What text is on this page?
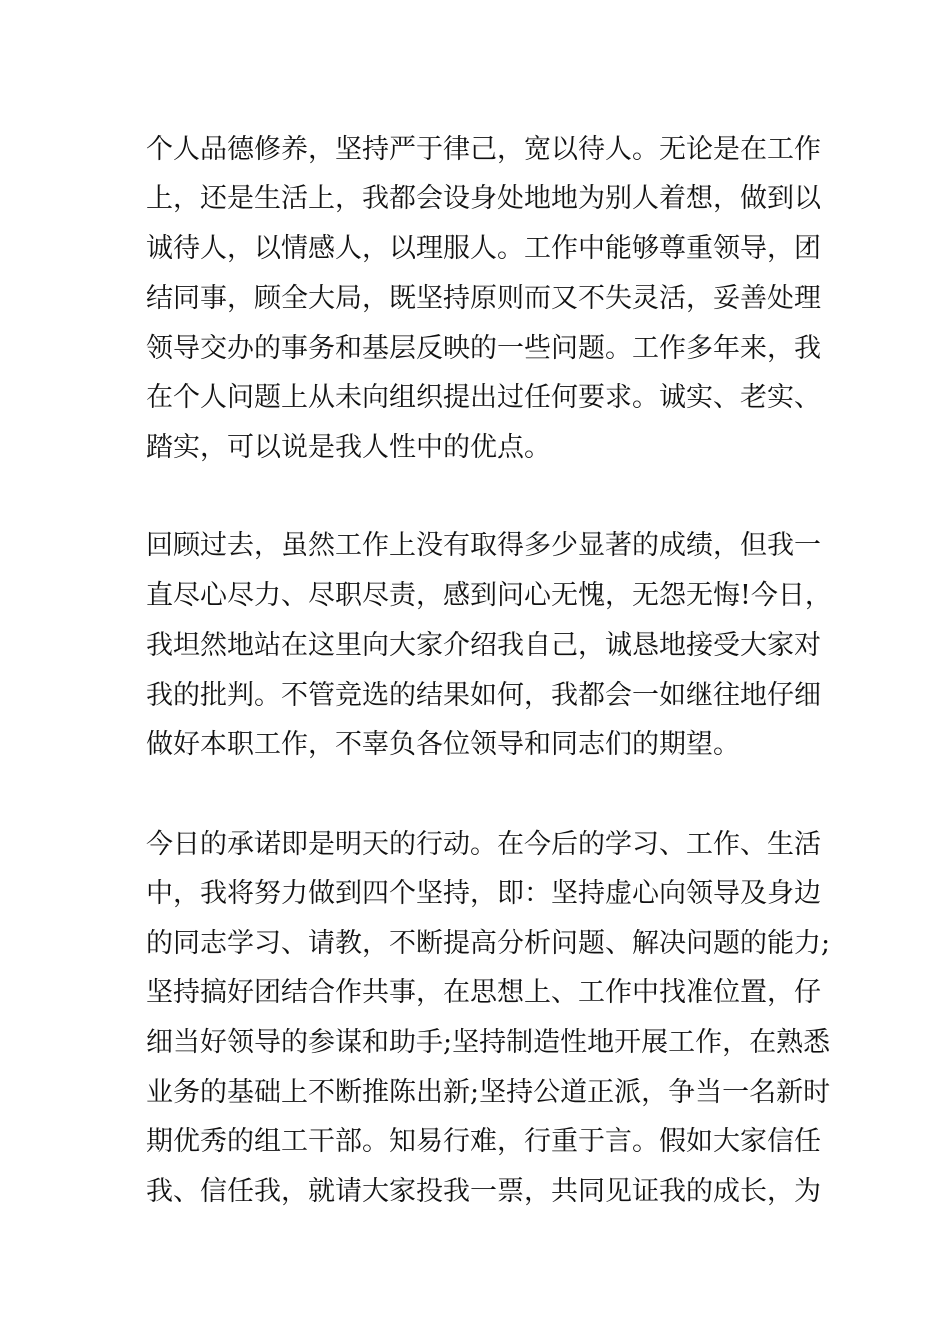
个人品德修养，坚持严于律己，宽以待人。无论是在工作
上，还是生活上，我都会设身处地地为别人着想，做到以
诚待人，以情感人，以理服人。工作中能够尊重领导，团
结同事，顾全大局，既坚持原则而又不失灵活，妥善处理
领导交办的事务和基层反映的一些问题。工作多年来，我
在个人问题上从未向组织提出过任何要求。诚实、老实、
踏实，可以说是我人性中的优点。
回顾过去，虽然工作上没有取得多少显著的成绩，但我一
直尽心尽力、尽职尽责，感到问心无愧，无怨无悔!今日，
我坦然地站在这里向大家介绍我自己，诚恳地接受大家对
我的批判。不管竞选的结果如何，我都会一如继往地仔细
做好本职工作，不辜负各位领导和同志们的期望。
今日的承诺即是明天的行动。在今后的学习、工作、生活
中，我将努力做到四个坚持，即：坚持虚心向领导及身边
的同志学习、请教，不断提高分析问题、解决问题的能力;
坚持搞好团结合作共事，在思想上、工作中找准位置，仔
细当好领导的参谋和助手;坚持制造性地开展工作，在熟悉
业务的基础上不断推陈出新;坚持公道正派，争当一名新时
期优秀的组工干部。知易行难，行重于言。假如大家信任
我、信任我，就请大家投我一票，共同见证我的成长，为
